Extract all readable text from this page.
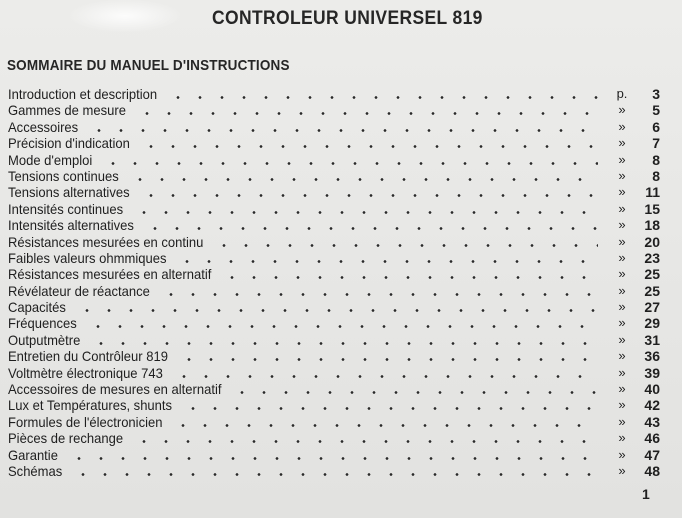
CONTROLEUR UNIVERSEL 819
SOMMAIRE DU MANUEL D'INSTRUCTIONS
Introduction et description	p.	3
Gammes de mesure	»	5
Accessoires	»	6
Précision d'indication	»	7
Mode d'emploi	»	8
Tensions continues	»	8
Tensions alternatives	»	11
Intensités continues	»	15
Intensités alternatives	»	18
Résistances mesurées en continu	»	20
Faibles valeurs ohmmiques	»	23
Résistances mesurées en alternatif	»	25
Révélateur de réactance	»	25
Capacités	»	27
Fréquences	»	29
Outputmètre	»	31
Entretien du Contrôleur 819	»	36
Voltmètre électronique 743	»	39
Accessoires de mesures en alternatif	»	40
Lux et Températures, shunts	»	42
Formules de l'électronicien	»	43
Pièces de rechange	»	46
Garantie	»	47
Schémas	»	48
1
